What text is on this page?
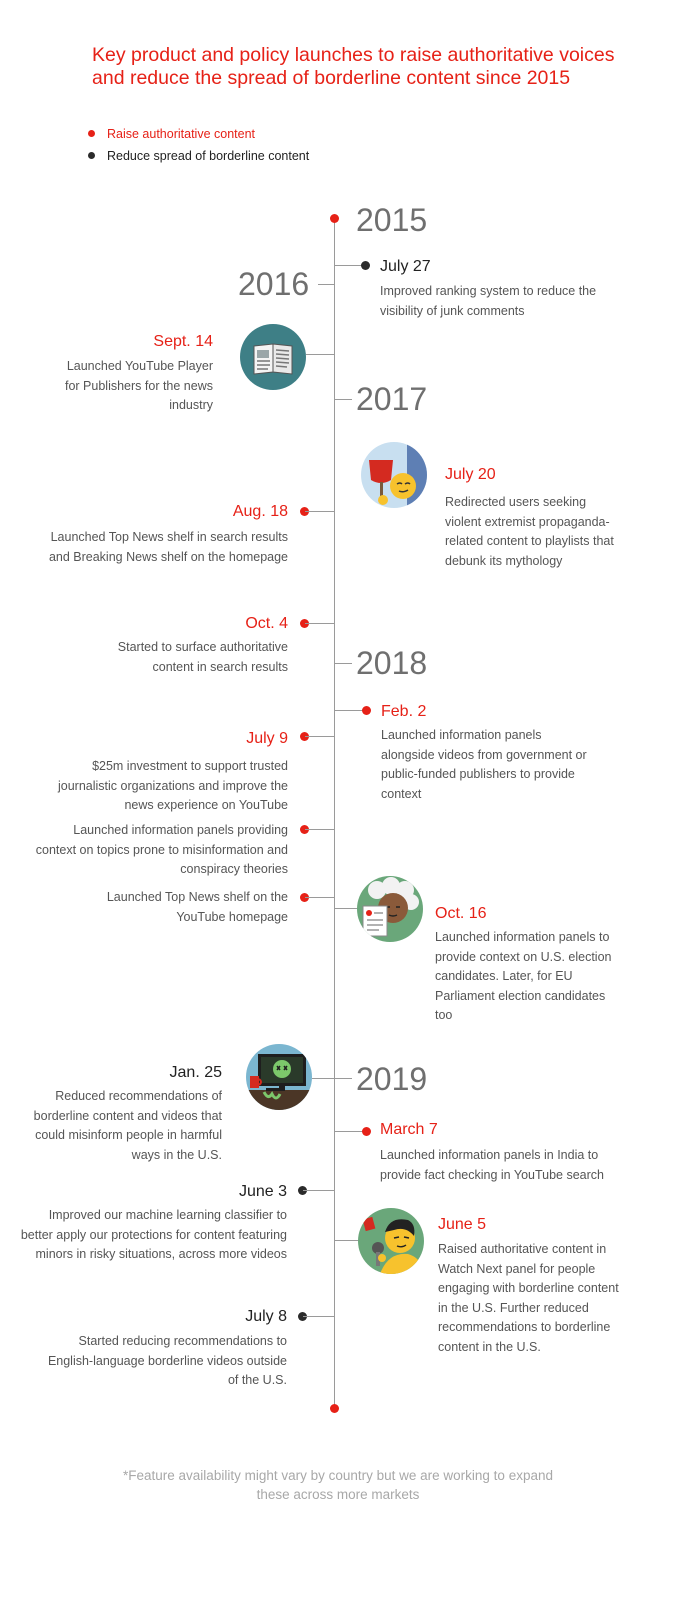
Key product and policy launches to raise authoritative voices and reduce the spread of borderline content since 2015
Raise authoritative content
Reduce spread of borderline content
2015
2016
2017
2018
2019
July 27
Improved ranking system to reduce the visibility of junk comments
Sept. 14
Launched YouTube Player for Publishers for the news industry
July 20
Redirected users seeking violent extremist propaganda-related content to playlists that debunk its mythology
Aug. 18
Launched Top News shelf in search results and Breaking News shelf on the homepage
Oct. 4
Started to surface authoritative content in search results
Feb. 2
Launched information panels alongside videos from government or public-funded publishers to provide context
July 9
$25m investment to support trusted journalistic organizations and improve the news experience on YouTube
Launched information panels providing context on topics prone to misinformation and conspiracy theories
Launched Top News shelf on the YouTube homepage	Oct. 16
Launched information panels to provide context on U.S. election candidates. Later, for EU Parliament election candidates too
Jan. 25
Reduced recommendations of borderline content and videos that could misinform people in harmful ways in the U.S.
March 7
Launched information panels in India to provide fact checking in YouTube search
June 3
Improved our machine learning classifier to better apply our protections for content featuring minors in risky situations, across more videos
June 5
Raised authoritative content in Watch Next panel for people engaging with borderline content in the U.S. Further reduced recommendations to borderline content in the U.S.
July 8
Started reducing recommendations to English-language borderline videos outside of the U.S.
*Feature availability might vary by country but we are working to expand these across more markets
